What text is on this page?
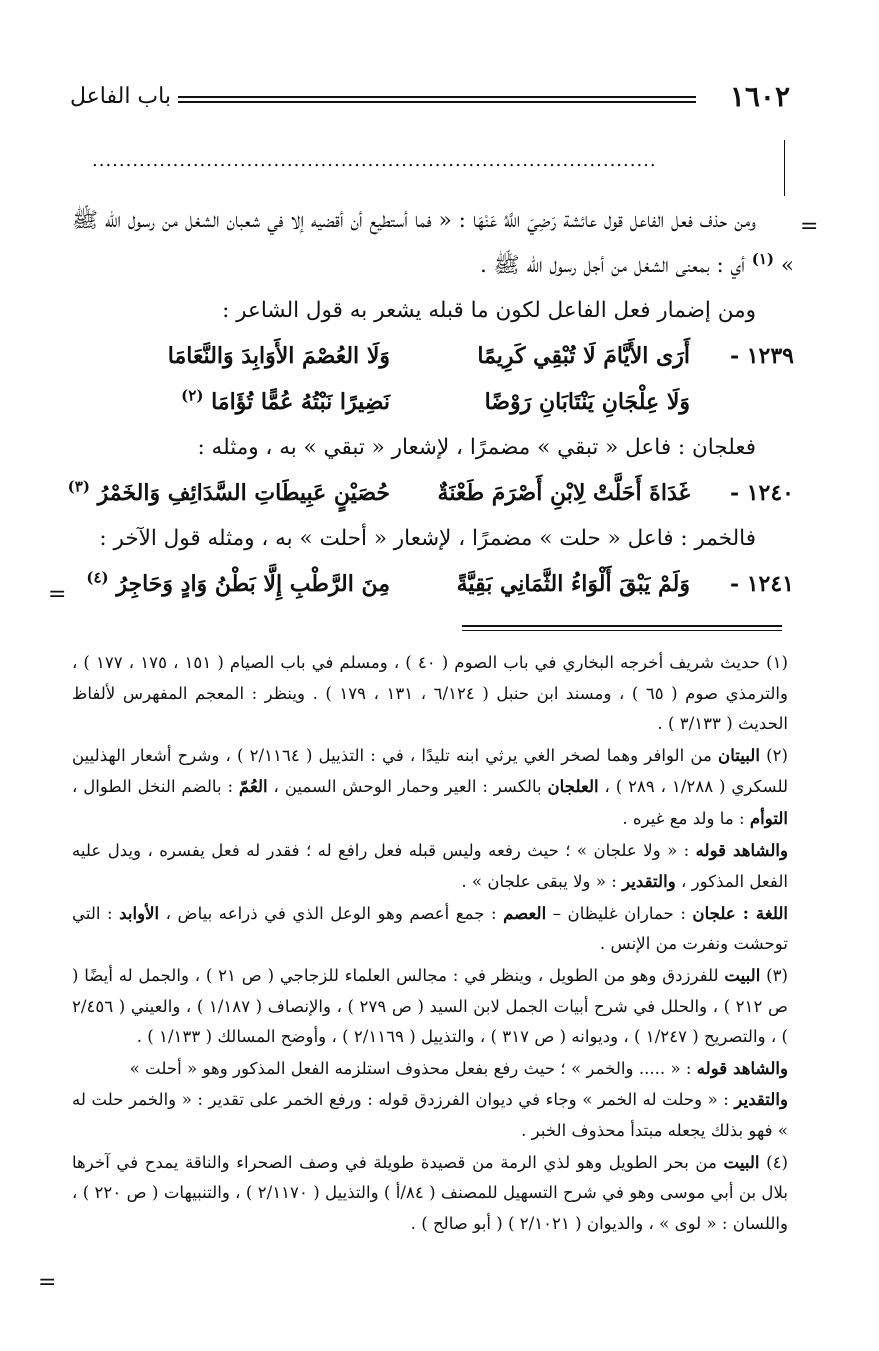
١٦٠٢
باب الفاعل
....................................................................................
=
=
=

ومن حذف فعل الفاعل قول عائشة رَضِيَ اللَّهُ عَنْهَا : « فما أستطيع أن أقضيه إلا في شعبان الشغل من رسول الله ﷺ » $^{(١)}$ أي : بمعنى الشغل من أجل رسول الله ﷺ .

ومن إضمار فعل الفاعل لكون ما قبله يشعر به قول الشاعر :

١٢٣٩ -
أَرَى الأَيَّامَ لَا تُبْقِي كَرِيمًا
وَلَا العُصْمَ الأَوَابِدَ وَالنَّعَامَا
وَلَا عِلْجَانِ يَنْتَابَانِ رَوْضًا
نَضِيرًا نَبْتُهُ عُمًّا تُؤَامَا $^{(٢)}$

فعلجان : فاعل « تبقي » مضمرًا ، لإشعار « تبقي » به ، ومثله :

١٢٤٠ -
غَدَاةَ أَحَلَّتْ لِابْنِ أَصْرَمَ طَعْنَةٌ
حُصَيْنٍ عَبِيطَاتِ السَّدَائِفِ وَالخَمْرُ $^{(٣)}$

فالخمر : فاعل « حلت » مضمرًا ، لإشعار « أحلت » به ، ومثله قول الآخر :

١٢٤١ -
وَلَمْ يَبْقَ أَلْوَاءُ الثَّمَانِي بَقِيَّةً
مِنَ الرَّطْبِ إِلَّا بَطْنُ وَادٍ وَحَاجِرُ $^{(٤)}$

(١) حديث شريف أخرجه البخاري في باب الصوم ( ٤٠ ) ، ومسلم في باب الصيام ( ١٥١ ، ١٧٥ ، ١٧٧ ) ، والترمذي صوم ( ٦٥ ) ، ومسند ابن حنبل ( ٦/١٢٤ ، ١٣١ ، ١٧٩ ) . وينظر : المعجم المفهرس لألفاظ الحديث ( ٣/١٣٣ ) .

(٢) البيتان من الوافر وهما لصخر الغي يرثي ابنه تليدًا ، في : التذييل ( ٢/١١٦٤ ) ، وشرح أشعار الهذليين للسكري ( ١/٢٨٨ ، ٢٨٩ ) ، العلجان بالكسر : العير وحمار الوحش السمين ، العُمّ : بالضم النخل الطوال ، التوأم : ما ولد مع غيره .

والشاهد قوله : « ولا علجان » ؛ حيث رفعه وليس قبله فعل رافع له ؛ فقدر له فعل يفسره ، ويدل عليه الفعل المذكور ، والتقدير : « ولا يبقى علجان » .

اللغة : علجان : حماران غليظان – العصم : جمع أعصم وهو الوعل الذي في ذراعه بياض ، الأوابد : التي توحشت ونفرت من الإنس .

(٣) البيت للفرزدق وهو من الطويل ، وينظر في : مجالس العلماء للزجاجي ( ص ٢١ ) ، والجمل له أيضًا ( ص ٢١٢ ) ، والحلل في شرح أبيات الجمل لابن السيد ( ص ٢٧٩ ) ، والإنصاف ( ١/١٨٧ ) ، والعيني ( ٢/٤٥٦ ) ، والتصريح ( ١/٢٤٧ ) ، وديوانه ( ص ٣١٧ ) ، والتذييل ( ٢/١١٦٩ ) ، وأوضح المسالك ( ١/١٣٣ ) .

والشاهد قوله : « ..... والخمر » ؛ حيث رفع بفعل محذوف استلزمه الفعل المذكور وهو « أحلت »

والتقدير : « وحلت له الخمر » وجاء في ديوان الفرزدق قوله : ورفع الخمر على تقدير : « والخمر حلت له » فهو بذلك يجعله مبتدأ محذوف الخبر .

(٤) البيت من بحر الطويل وهو لذي الرمة من قصيدة طويلة في وصف الصحراء والناقة يمدح في آخرها بلال بن أبي موسى وهو في شرح التسهيل للمصنف ( ٨٤/أ ) والتذييل ( ٢/١١٧٠ ) ، والتنبيهات ( ص ٢٢٠ ) ، واللسان : « لوى » ، والديوان ( ٢/١٠٢١ ) ( أبو صالح ) .
